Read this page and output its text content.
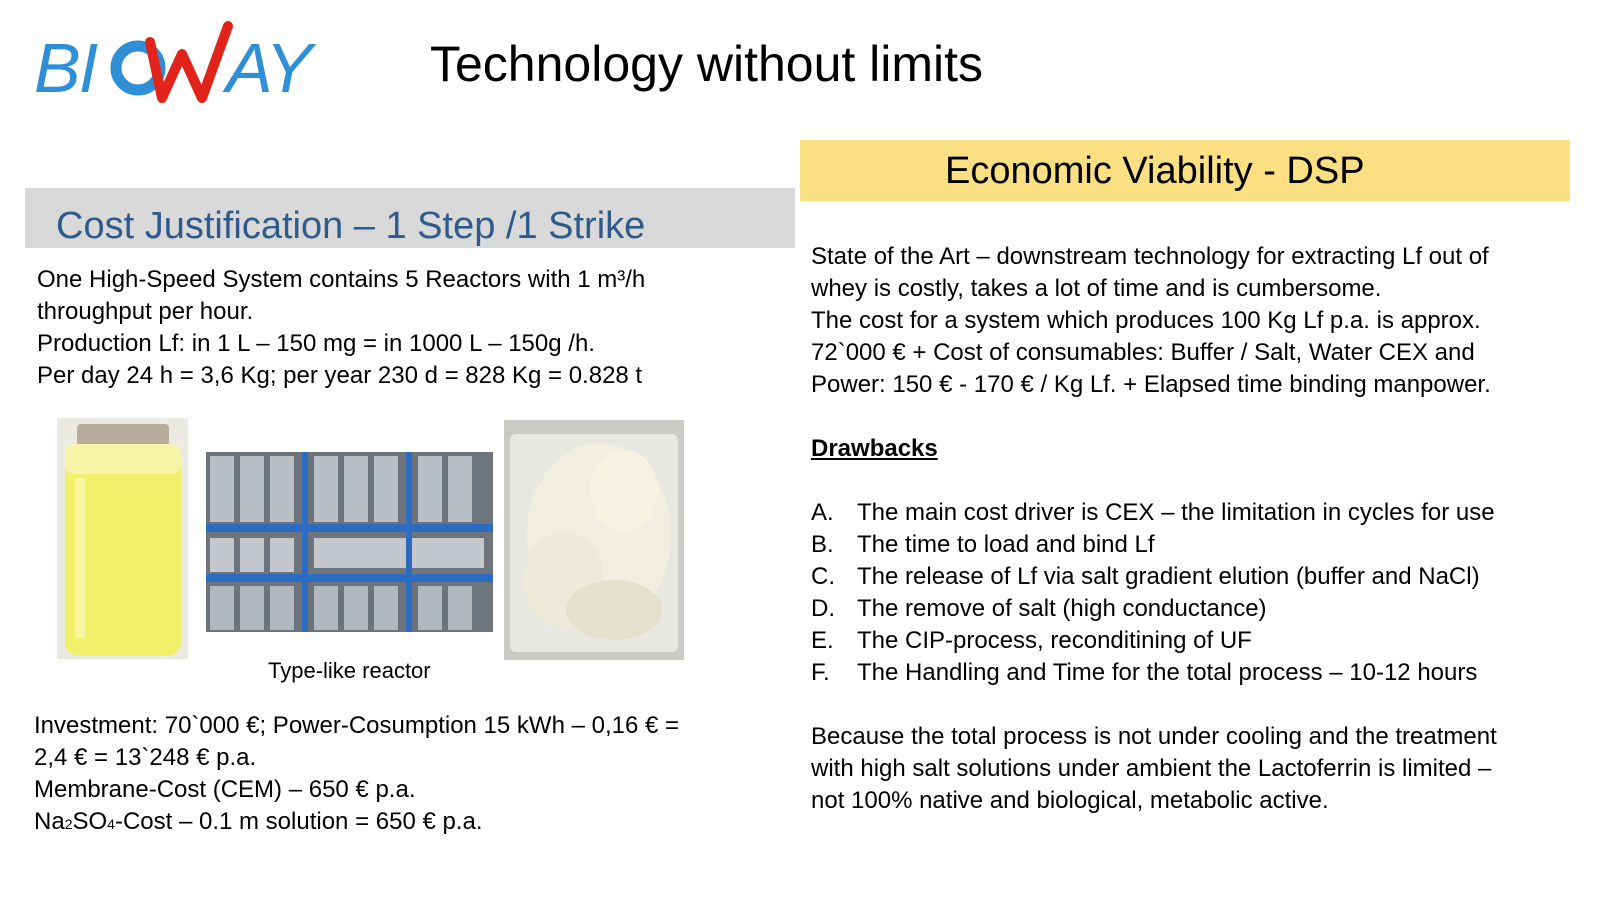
BI AY Technology without limits
Cost Justification – 1 Step /1 Strike
One High-Speed System contains 5 Reactors with 1 m³/h
throughput per hour.
Production Lf: in 1 L – 150 mg = in 1000 L – 150g /h.
Per day 24 h = 3,6 Kg; per year 230 d = 828 Kg = 0.828 t
Type-like reactor
Investment: 70`000 €; Power-Cosumption 15 kWh – 0,16 € =
2,4 € = 13`248 € p.a.
Membrane-Cost (CEM) – 650 € p.a.
Na2SO4-Cost – 0.1 m solution = 650 € p.a.
Economic Viability - DSP
State of the Art – downstream technology for extracting Lf out of
whey is costly, takes a lot of time and is cumbersome.
The cost for a system which produces 100 Kg Lf p.a. is approx.
72`000 € + Cost of consumables: Buffer / Salt, Water CEX and
Power: 150 € - 170 € / Kg Lf. + Elapsed time binding manpower.
Drawbacks
A. The main cost driver is CEX – the limitation in cycles for use
B. The time to load and bind Lf
C. The release of Lf via salt gradient elution (buffer and NaCl)
D. The remove of salt (high conductance)
E. The CIP-process, reconditining of UF
F.	The Handling and Time for the total process – 10-12 hours
Because the total process is not under cooling and the treatment
with high salt solutions under ambient the Lactoferrin is limited –
not 100% native and biological, metabolic active.
